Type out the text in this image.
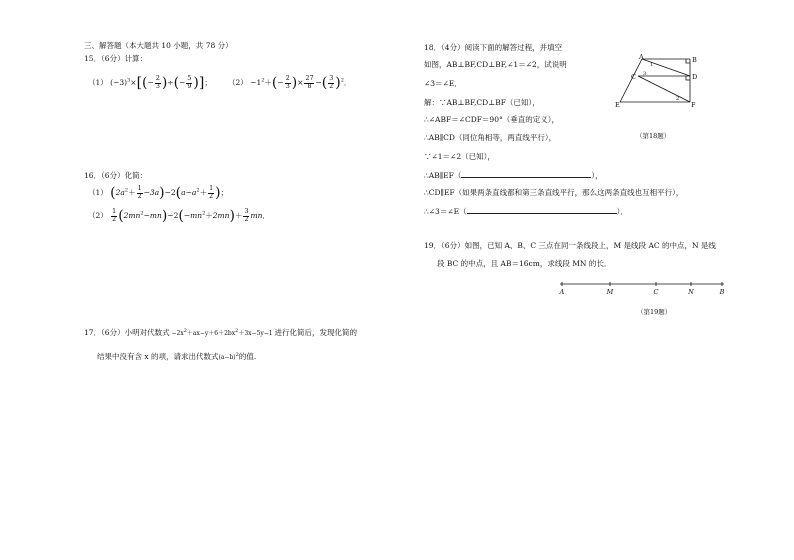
三、解答题（本大题共 10 小题，共 78 分）
15．（6分）计算：
（1） $(-3)^3\times[(- \frac{2}{3}$ )÷(− $\frac{5}{9}$ )]； $(2) -1^2+(- \frac{2}{3}$ )× $\frac{27}{8}$ −( $\frac{3}{2} )^2$．
16．（6分）化简：
（1） $(2a^2+ \frac{1}{2} -3a)-2(a-a^2+ \frac{1}{2}$ )；
$(2) \frac{1}{2} (2mn^2-mn)-2(-mn^2+2mn)+ \frac{3}{2}$ mn．
17．（6分）小明对代数式 $-2x^2+ax-y+6+2bx^2+3x-5y-1$ 进行化简后，发现化简的
结果中没有含 x 的项，请求出代数式$(a-b)^2$的值.
18．（4分）阅读下面的解答过程，并填空
如图，AB⊥BF,CD⊥BF,∠1＝∠2，试说明
∠3＝∠E．
解：∵AB⊥BF,CD⊥BF（已知），
∴∠ABF＝∠CDF＝90°（垂直的定义），
∴AB∥CD（同位角相等，两直线平行），
∵∠1＝∠2（已知），
∴AB∥EF（	），
∴CD∥EF（如果两条直线都和第三条直线平行，那么这两条直线也互相平行），
∴∠3＝∠E（	）．
A	B
C	D
E	F
1
2
3
（第18题）
19．（6分）如图，已知 A、B、C 三点在同一条线段上，M 是线段 AC 的中点，N 是线
段 BC 的中点，且 AB＝16cm，求线段 MN 的长．
A	M	C	N	B
（第19题）
